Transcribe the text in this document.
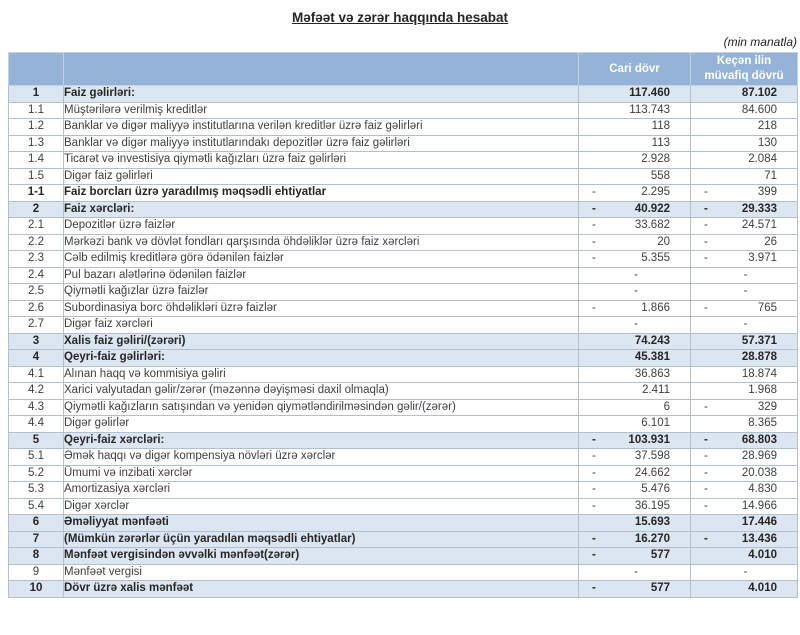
Məfəət və zərər haqqında hesabat
(min manatla)
		Cari dövr	Keçən ilin
müvafiq dövrü
1	Faiz gəlirləri:	117.460	87.102

1.1	Müştərilərə verilmiş kreditlər	113.743	84.600

1.2	Banklar və digər maliyyə institutlarına verilən kreditlər üzrə faiz gəlirləri	118	218

1.3	Banklar və digər maliyyə institutlarındakı depozitlər üzrə faiz gəlirləri	113	130

1.4	Ticarət və investisiya qiymətli kağızları üzrə faiz gəlirləri	2.928	2.084

1.5	Digər faiz gəlirləri	558	71

1-1	Faiz borcları üzrə yaradılmış məqsədli ehtiyatlar	- 2.295	- 399

2	Faiz xərcləri:	- 40.922	- 29.333

2.1	Depozitlər üzrə faizlər	- 33.682	- 24.571

2.2	Mərkəzi bank və dövlət fondları qarşısında öhdəliklər üzrə faiz xərcləri	- 20	- 26

2.3	Cəlb edilmiş kreditlərə görə ödənilən faizlər	- 5.355	- 3.971

2.4	Pul bazarı alətlərinə ödənilən faizlər	-	-

2.5	Qiymətli kağızlar üzrə faizlər	-	-

2.6	Subordinasiya borc öhdəlikləri üzrə faizlər	- 1.866	- 765

2.7	Digər faiz xərcləri	-	-

3	Xalis faiz gəliri/(zərəri)	74.243	57.371

4	Qeyri-faiz gəlirləri:	45.381	28.878

4.1	Alınan haqq və kommisiya gəliri	36.863	18.874

4.2	Xarici valyutadan gəlir/zərər (məzənnə dəyişməsi daxil olmaqla)	2.411	1.968

4.3	Qiymətli kağızların satışından və yenidən qiymətləndirilməsindən gəlir/(zərər)	6	- 329

4.4	Digər gəlirlər	6.101	8.365

5	Qeyri-faiz xərcləri:	- 103.931	- 68.803

5.1	Əmək haqqı və digər kompensiya növləri üzrə xərclər	- 37.598	- 28.969

5.2	Ümumi və inzibati xərclər	- 24.662	- 20.038

5.3	Amortizasiya xərcləri	- 5.476	- 4.830

5.4	Digər xərclər	- 36.195	- 14.966

6	Əməliyyat mənfəəti	15.693	17.446

7	(Mümkün zərərlər üçün yaradılan məqsədli ehtiyatlar)	- 16.270	- 13.436

8	Mənfəət vergisindən əvvəlki mənfəət(zərər)	- 577	4.010

9	Mənfəət vergisi	-	-

10	Dövr üzrə xalis mənfəət	- 577	4.010
